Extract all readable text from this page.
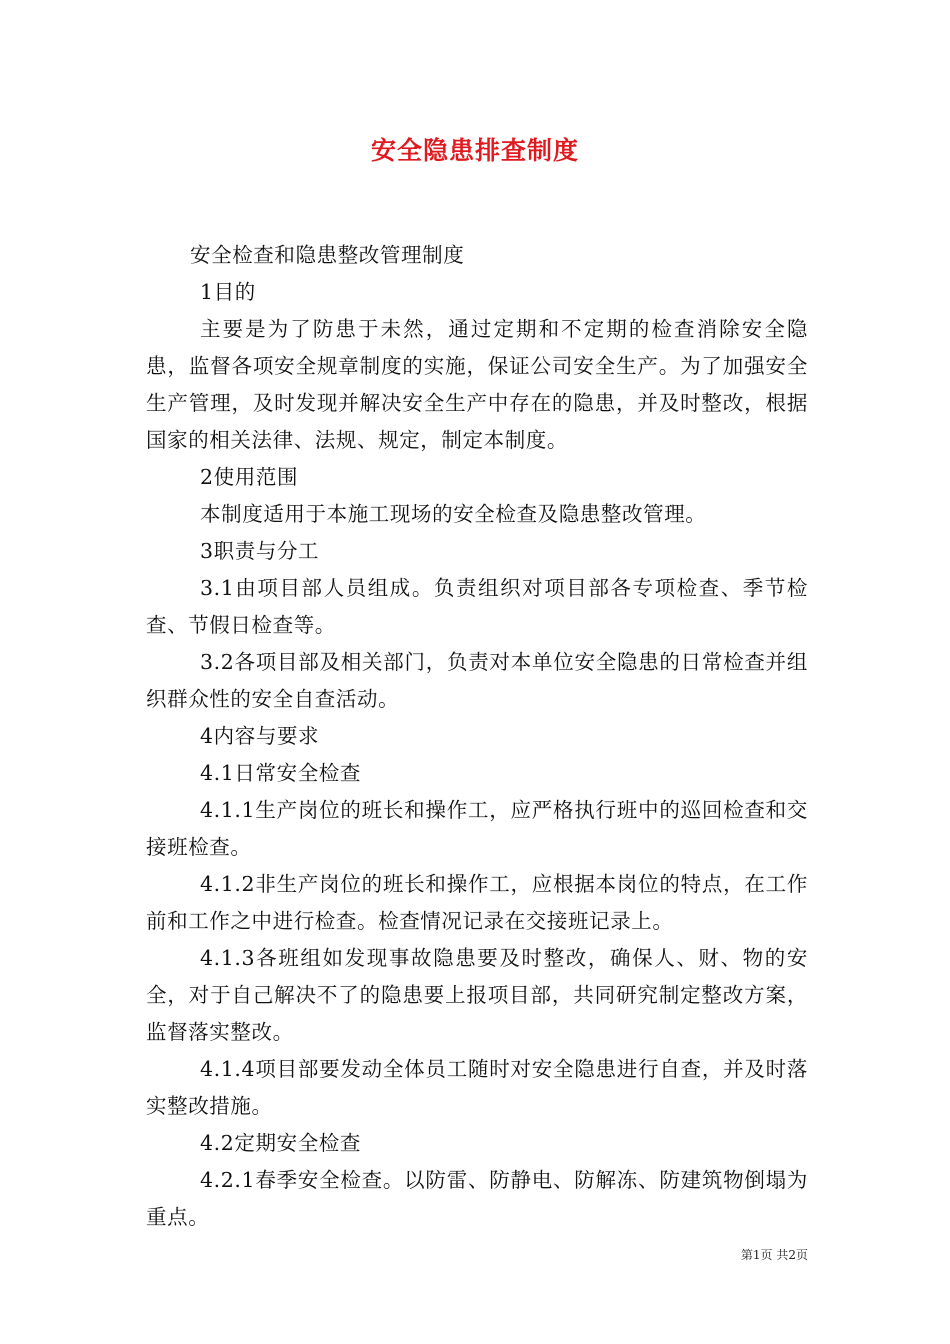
安全隐患排查制度

安全检查和隐患整改管理制度

1目的

主要是为了防患于未然，通过定期和不定期的检查消除安全隐患，监督各项安全规章制度的实施，保证公司安全生产。为了加强安全生产管理，及时发现并解决安全生产中存在的隐患，并及时整改，根据国家的相关法律、法规、规定，制定本制度。

2使用范围

本制度适用于本施工现场的安全检查及隐患整改管理。

3职责与分工

3.1由项目部人员组成。负责组织对项目部各专项检查、季节检查、节假日检查等。

3.2各项目部及相关部门，负责对本单位安全隐患的日常检查并组织群众性的安全自查活动。

4内容与要求

4.1日常安全检查

4.1.1生产岗位的班长和操作工，应严格执行班中的巡回检查和交接班检查。

4.1.2非生产岗位的班长和操作工，应根据本岗位的特点，在工作前和工作之中进行检查。检查情况记录在交接班记录上。

4.1.3各班组如发现事故隐患要及时整改，确保人、财、物的安全，对于自己解决不了的隐患要上报项目部，共同研究制定整改方案，监督落实整改。

4.1.4项目部要发动全体员工随时对安全隐患进行自查，并及时落实整改措施。

4.2定期安全检查

4.2.1春季安全检查。以防雷、防静电、防解冻、防建筑物倒塌为重点。

第1页 共2页
